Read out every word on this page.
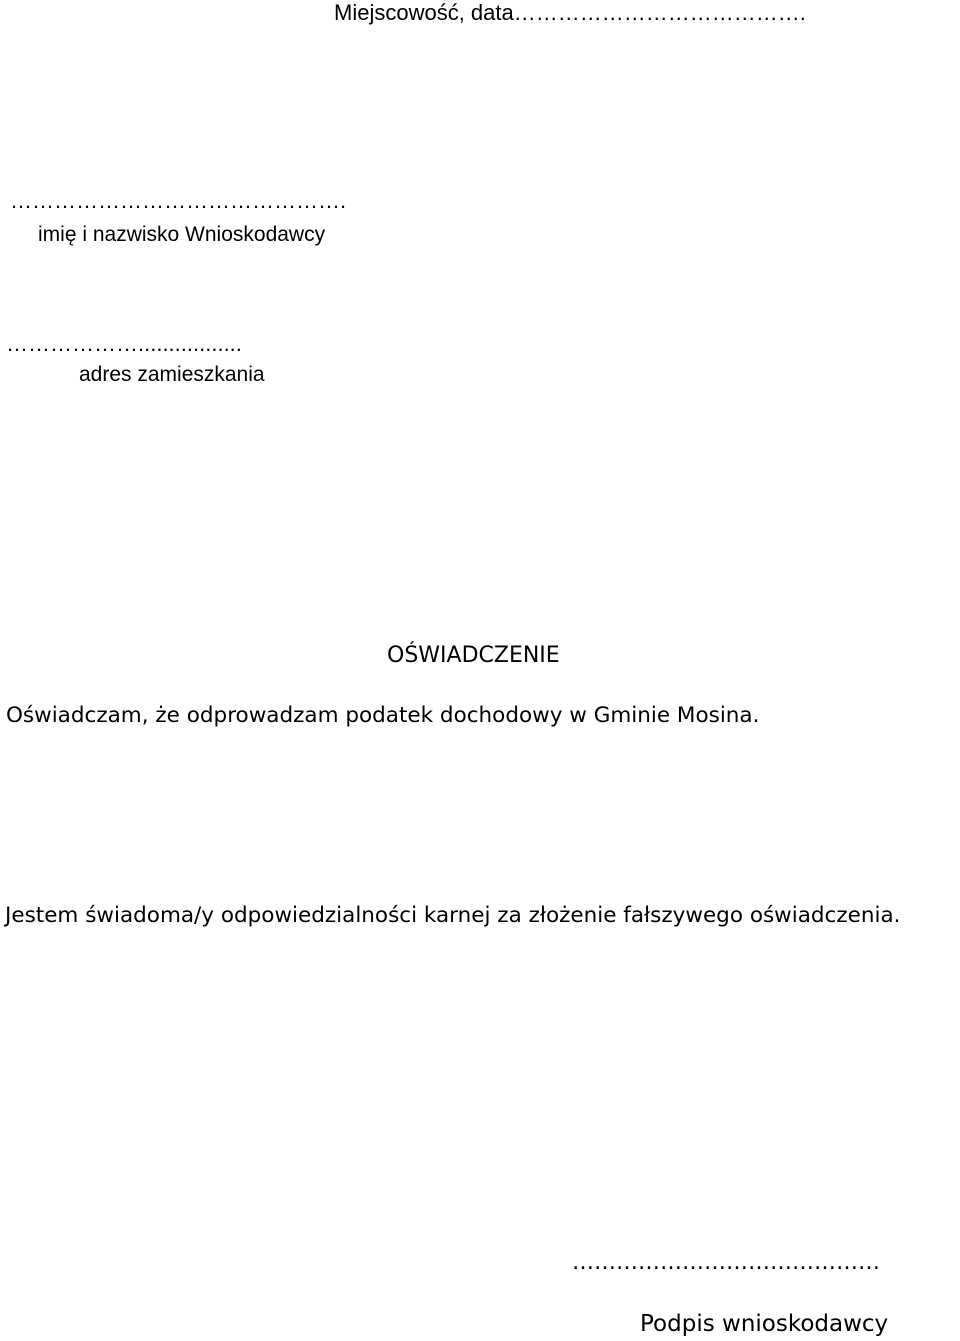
Miejscowość, data………………………………….
……………………………………….
imię i nazwisko Wnioskodawcy
……………….................
adres zamieszkania
OŚWIADCZENIE
Oświadczam, że odprowadzam podatek dochodowy w Gminie Mosina.
Jestem świadoma/y odpowiedzialności karnej za złożenie fałszywego oświadczenia.
……………………………………
Podpis wnioskodawcy
